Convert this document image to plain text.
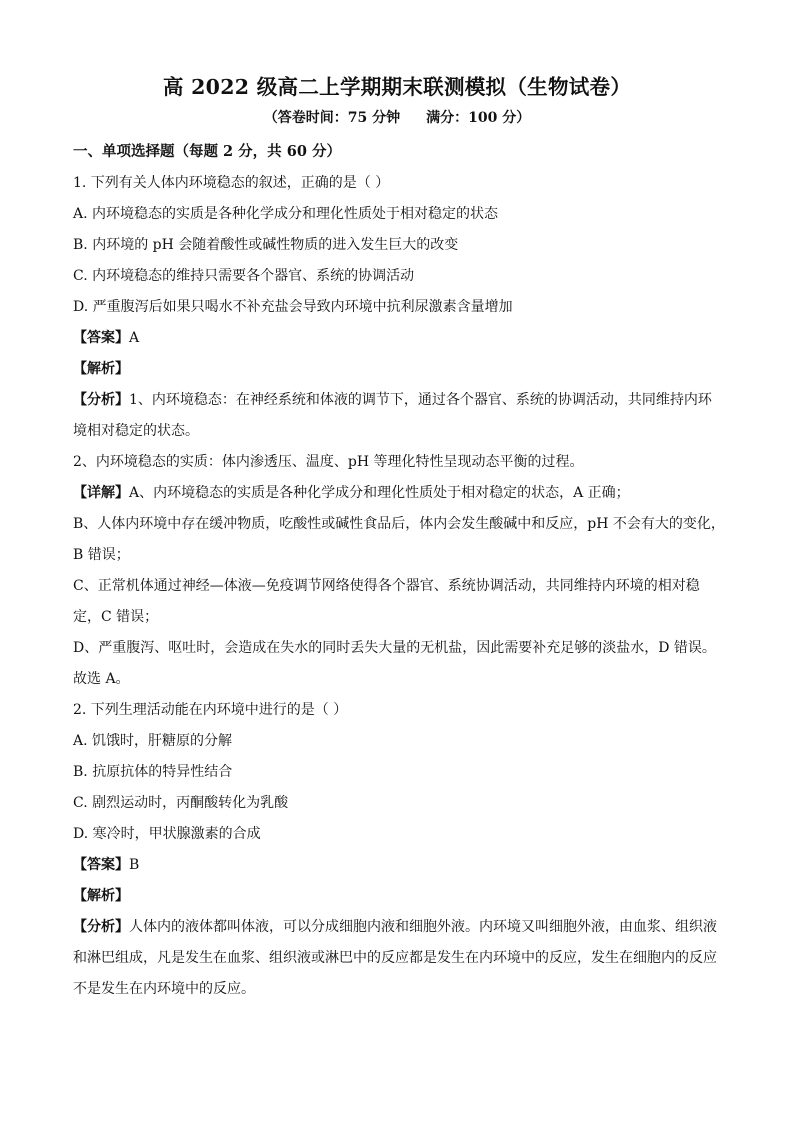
高 2022 级高二上学期期末联测模拟（生物试卷）
（答卷时间：75 分钟 满分：100 分）
一、单项选择题（每题 2 分，共 60 分）
1. 下列有关人体内环境稳态的叙述，正确的是（ ）
A. 内环境稳态的实质是各种化学成分和理化性质处于相对稳定的状态
B. 内环境的 pH 会随着酸性或碱性物质的进入发生巨大的改变
C. 内环境稳态的维持只需要各个器官、系统的协调活动
D. 严重腹泻后如果只喝水不补充盐会导致内环境中抗利尿激素含量增加
【答案】A
【解析】
【分析】1、内环境稳态：在神经系统和体液的调节下，通过各个器官、系统的协调活动，共同维持内环
境相对稳定的状态。
2、内环境稳态的实质：体内渗透压、温度、pH 等理化特性呈现动态平衡的过程。
【详解】A、内环境稳态的实质是各种化学成分和理化性质处于相对稳定的状态，A 正确；
B、人体内环境中存在缓冲物质，吃酸性或碱性食品后，体内会发生酸碱中和反应，pH 不会有大的变化，
B 错误；
C、正常机体通过神经—体液—免疫调节网络使得各个器官、系统协调活动，共同维持内环境的相对稳
定，C 错误；
D、严重腹泻、呕吐时，会造成在失水的同时丢失大量的无机盐，因此需要补充足够的淡盐水，D 错误。
故选 A。
2. 下列生理活动能在内环境中进行的是（ ）
A. 饥饿时，肝糖原的分解
B. 抗原抗体的特异性结合
C. 剧烈运动时，丙酮酸转化为乳酸
D. 寒冷时，甲状腺激素的合成
【答案】B
【解析】
【分析】人体内的液体都叫体液，可以分成细胞内液和细胞外液。内环境又叫细胞外液，由血浆、组织液
和淋巴组成，凡是发生在血浆、组织液或淋巴中的反应都是发生在内环境中的反应，发生在细胞内的反应
不是发生在内环境中的反应。
